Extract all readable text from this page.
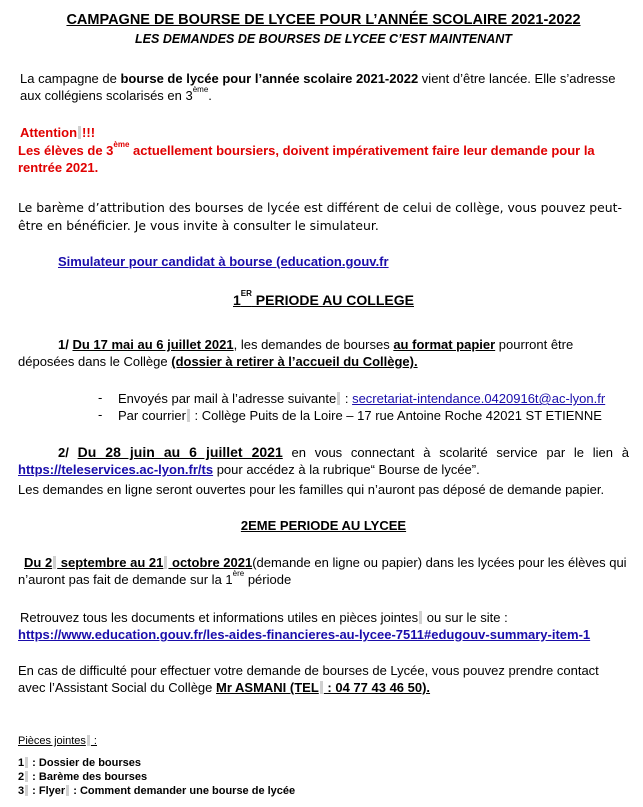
CAMPAGNE DE BOURSE DE LYCEE POUR L’ANNÉE SCOLAIRE 2021-2022
LES DEMANDES DE BOURSES DE LYCEE C’EST MAINTENANT
La campagne de bourse de lycée pour l’année scolaire 2021-2022 vient d’être lancée. Elle s’adresse aux collégiens scolarisés en 3ème.
Attention !!!
Les élèves de 3ème actuellement boursiers, doivent impérativement faire leur demande pour la rentrée 2021.
Le barème d’attribution des bourses de lycée est différent de celui de collège, vous pouvez peut-être en bénéficier. Je vous invite à consulter le simulateur.
Simulateur pour candidat à bourse (education.gouv.fr
1ER PERIODE AU COLLEGE
1/ Du 17 mai au 6 juillet 2021, les demandes de bourses au format papier pourront être déposées dans le Collège (dossier à retirer à l’accueil du Collège).
- Envoyés par mail à l’adresse suivante : secretariat-intendance.0420916t@ac-lyon.fr
- Par courrier : Collège Puits de la Loire – 17 rue Antoine Roche 42021 ST ETIENNE
2/ Du 28 juin au 6 juillet 2021 en vous connectant à scolarité service par le lien à https://teleservices.ac-lyon.fr/ts pour accédez à la rubrique“ Bourse de lycée”.
Les demandes en ligne seront ouvertes pour les familles qui n’auront pas déposé de demande papier.
2EME PERIODE AU LYCEE
Du 2 septembre au 21 octobre 2021(demande en ligne ou papier) dans les lycées pour les élèves qui n’auront pas fait de demande sur la 1ère période
Retrouvez tous les documents et informations utiles en pièces jointes ou sur le site :
https://www.education.gouv.fr/les-aides-financieres-au-lycee-7511#edugouv-summary-item-1
En cas de difficulté pour effectuer votre demande de bourses de Lycée, vous pouvez prendre contact avec l’Assistant Social du Collège Mr ASMANI (TEL : 04 77 43 46 50).
Pièces jointes :
1 : Dossier de bourses
2 : Barème des bourses
3 : Flyer : Comment demander une bourse de lycée
